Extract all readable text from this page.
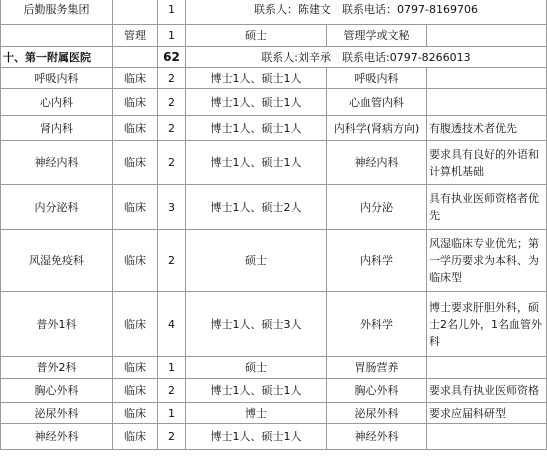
后勤服务集团		1	联系人：陈建文　联系电话：0797-8169706		
	管理	1	硕士	管理学或文秘	
十、第一附属医院		62	联系人:刘辛承　联系电话:0797-8266013		
呼吸内科	临床	2	博士1人、硕士1人	呼吸内科	
心内科	临床	2	博士1人、硕士1人	心血管内科	
肾内科	临床	2	博士1人、硕士1人	内科学(肾病方向)	有腹透技术者优先
神经内科	临床	2	博士1人、硕士1人	神经内科	要求具有良好的外语和计算机基础
内分泌科	临床	3	博士1人、硕士2人	内分泌	具有执业医师资格者优先
风湿免疫科	临床	2	硕士	内科学	风湿临床专业优先；第一学历要求为本科、为临床型
普外1科	临床	4	博士1人、硕士3人	外科学	博士要求肝胆外科，硕士2名儿外，1名血管外科
普外2科	临床	1	硕士	胃肠营养	
胸心外科	临床	2	博士1人、硕士1人	胸心外科	要求具有执业医师资格
泌尿外科	临床	1	博士	泌尿外科	要求应届科研型
神经外科	临床	2	博士1人、硕士1人	神经外科	
